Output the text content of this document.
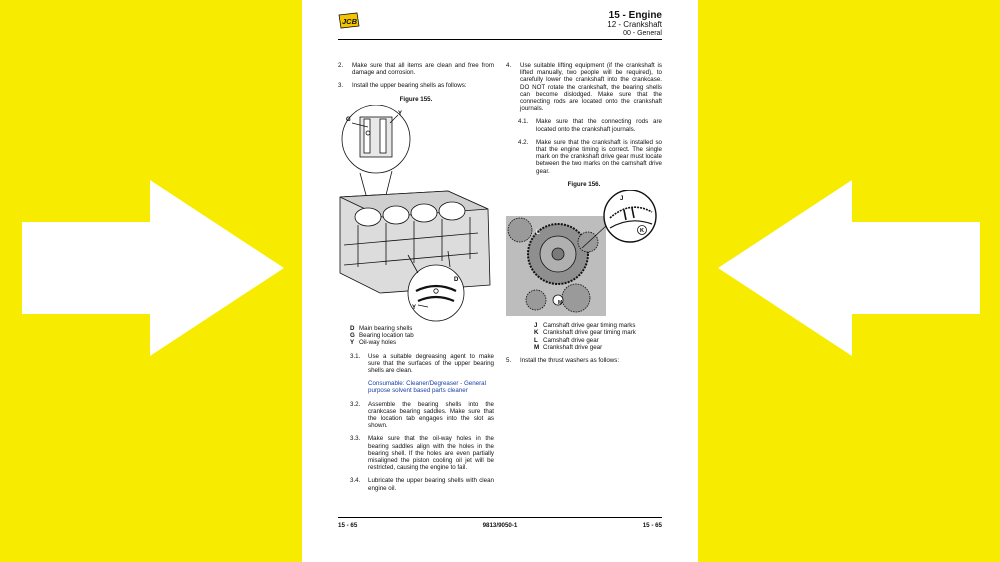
JCB
15 - Engine
12 - Crankshaft
00 - General
2. Make sure that all items are clean and free from damage and corrosion.
3. Install the upper bearing shells as follows:
Figure 155.
G
Y
Y
D
D Main bearing shells
G Bearing location tab
Y Oil-way holes
3.1. Use a suitable degreasing agent to make sure that the surfaces of the upper bearing shells are clean.
Consumable: Cleaner/Degreaser - General purpose solvent based parts cleaner
3.2. Assemble the bearing shells into the crankcase bearing saddles. Make sure that the location tab engages into the slot as shown.
3.3. Make sure that the oil-way holes in the bearing saddles align with the holes in the bearing shell. If the holes are even partially misaligned the piston cooling oil jet will be restricted, causing the engine to fail.
3.4. Lubricate the upper bearing shells with clean engine oil.
4. Use suitable lifting equipment (if the crankshaft is lifted manually, two people will be required), to carefully lower the crankshaft into the crankcase. DO NOT rotate the crankshaft, the bearing shells can become dislodged. Make sure that the connecting rods are located onto the crankshaft journals.
4.1. Make sure that the connecting rods are located onto the crankshaft journals.
4.2. Make sure that the crankshaft is installed so that the engine timing is correct. The single mark on the crankshaft drive gear must locate between the two marks on the camshaft drive gear.
Figure 156.
J
K
L
M
J Camshaft drive gear timing marks
K Crankshaft drive gear timing mark
L Camshaft drive gear
M Crankshaft drive gear
5. Install the thrust washers as follows:
15 - 65	9813/9050-1	15 - 65
